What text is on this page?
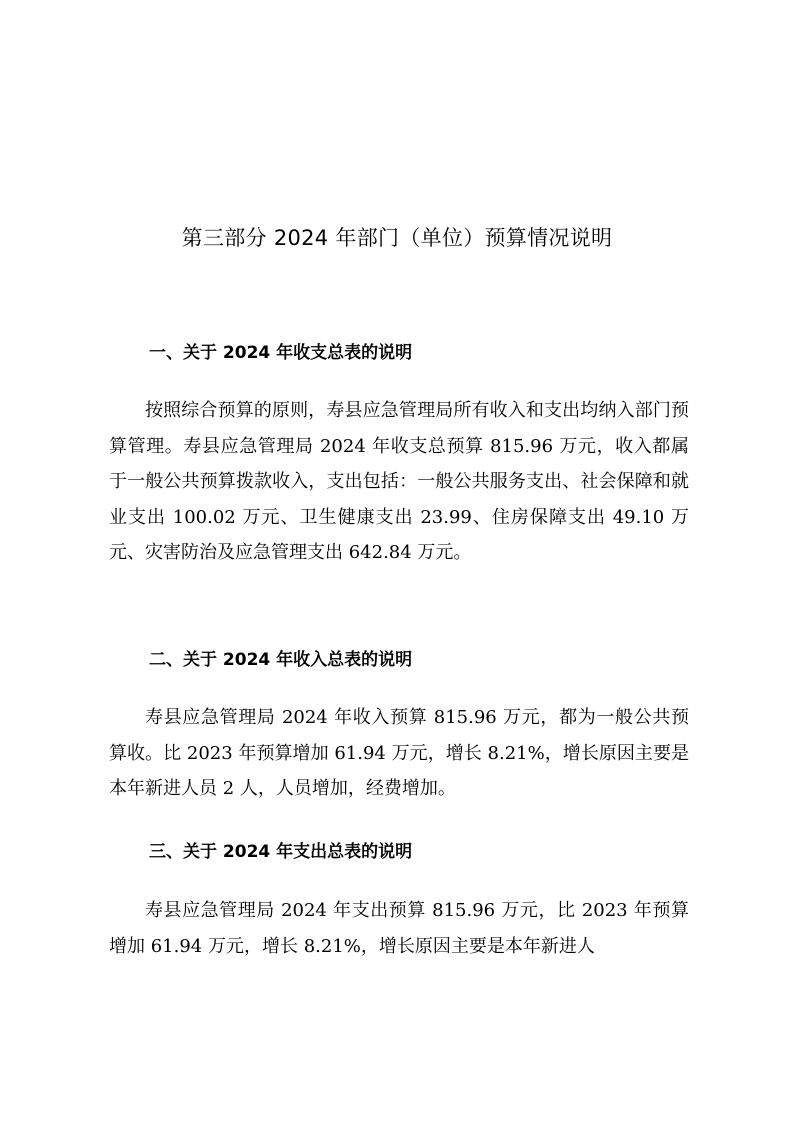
第三部分 2024 年部门（单位）预算情况说明
一、关于 2024 年收支总表的说明

按照综合预算的原则，寿县应急管理局所有收入和支出均纳入部门预算管理。寿县应急管理局 2024 年收支总预算 815.96 万元，收入都属于一般公共预算拨款收入，支出包括：一般公共服务支出、社会保障和就业支出 100.02 万元、卫生健康支出 23.99、住房保障支出 49.10 万元、灾害防治及应急管理支出 642.84 万元。

二、关于 2024 年收入总表的说明

寿县应急管理局 2024 年收入预算 815.96 万元，都为一般公共预算收。比 2023 年预算增加 61.94 万元，增长 8.21%，增长原因主要是本年新进人员 2 人，人员增加，经费增加。

三、关于 2024 年支出总表的说明

寿县应急管理局 2024 年支出预算 815.96 万元，比 2023 年预算增加 61.94 万元，增长 8.21%，增长原因主要是本年新进人
